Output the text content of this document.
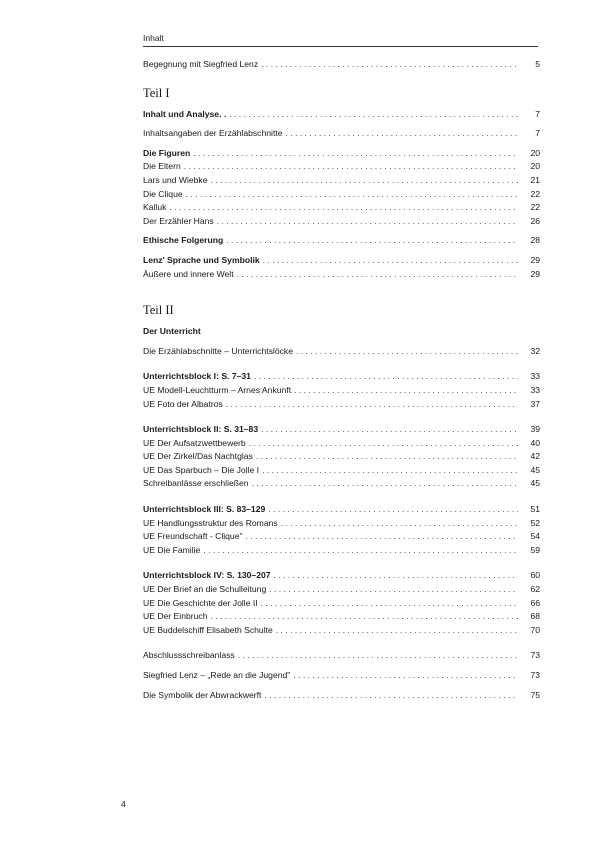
Inhalt
Begegnung mit Siegfried Lenz . . .	5
Teil I
Inhalt und Analyse. . . . .	7
Inhaltsangaben der Erzählabschnitte . . .	7
Die Figuren . . .	20
Die Eltern . . .	20
Lars und Wiebke . . .	21
Die Clique . . .	22
Kalluk . . .	22
Der Erzähler Hans . . .	26
Ethische Folgerung . . .	28
Lenz' Sprache und Symbolik . . .	29
Äußere und innere Welt . . .	29
Teil II
Der Unterricht
Die Erzählabschnitte – Unterrichtslöcke . . .	32
Unterrichtsblock I: S. 7–31 . . .	33
UE Modell-Leuchtturm – Arnes Ankunft . . .	33
UE Foto der Albatros . . .	37
Unterrichtsblock II: S. 31–83 . . .	39
UE Der Aufsatzwettbewerb . . .	40
UE Der Zirkel/Das Nachtglas . . .	42
UE Das Sparbuch – Die Jolle I . . .	45
Schreibanlässe erschließen . . .	45
Unterrichtsblock III: S. 83–129 . . .	51
UE Handlungsstruktur des Romans . . .	52
UE Freundschaft - Clique" . . .	54
UE Die Familie . . .	59
Unterrichtsblock IV: S. 130–207 . . .	60
UE Der Brief an die Schulleitung . . .	62
UE Die Geschichte der Jolle II . . .	66
UE Der Einbruch . . .	68
UE Buddelschiff Elisabeth Schulte . . .	70
Abschlussschreibanlass . . .	73
Siegfried Lenz – „Rede an die Jugend" . . .	73
Die Symbolik der Abwrackwerft . . .	75
4
